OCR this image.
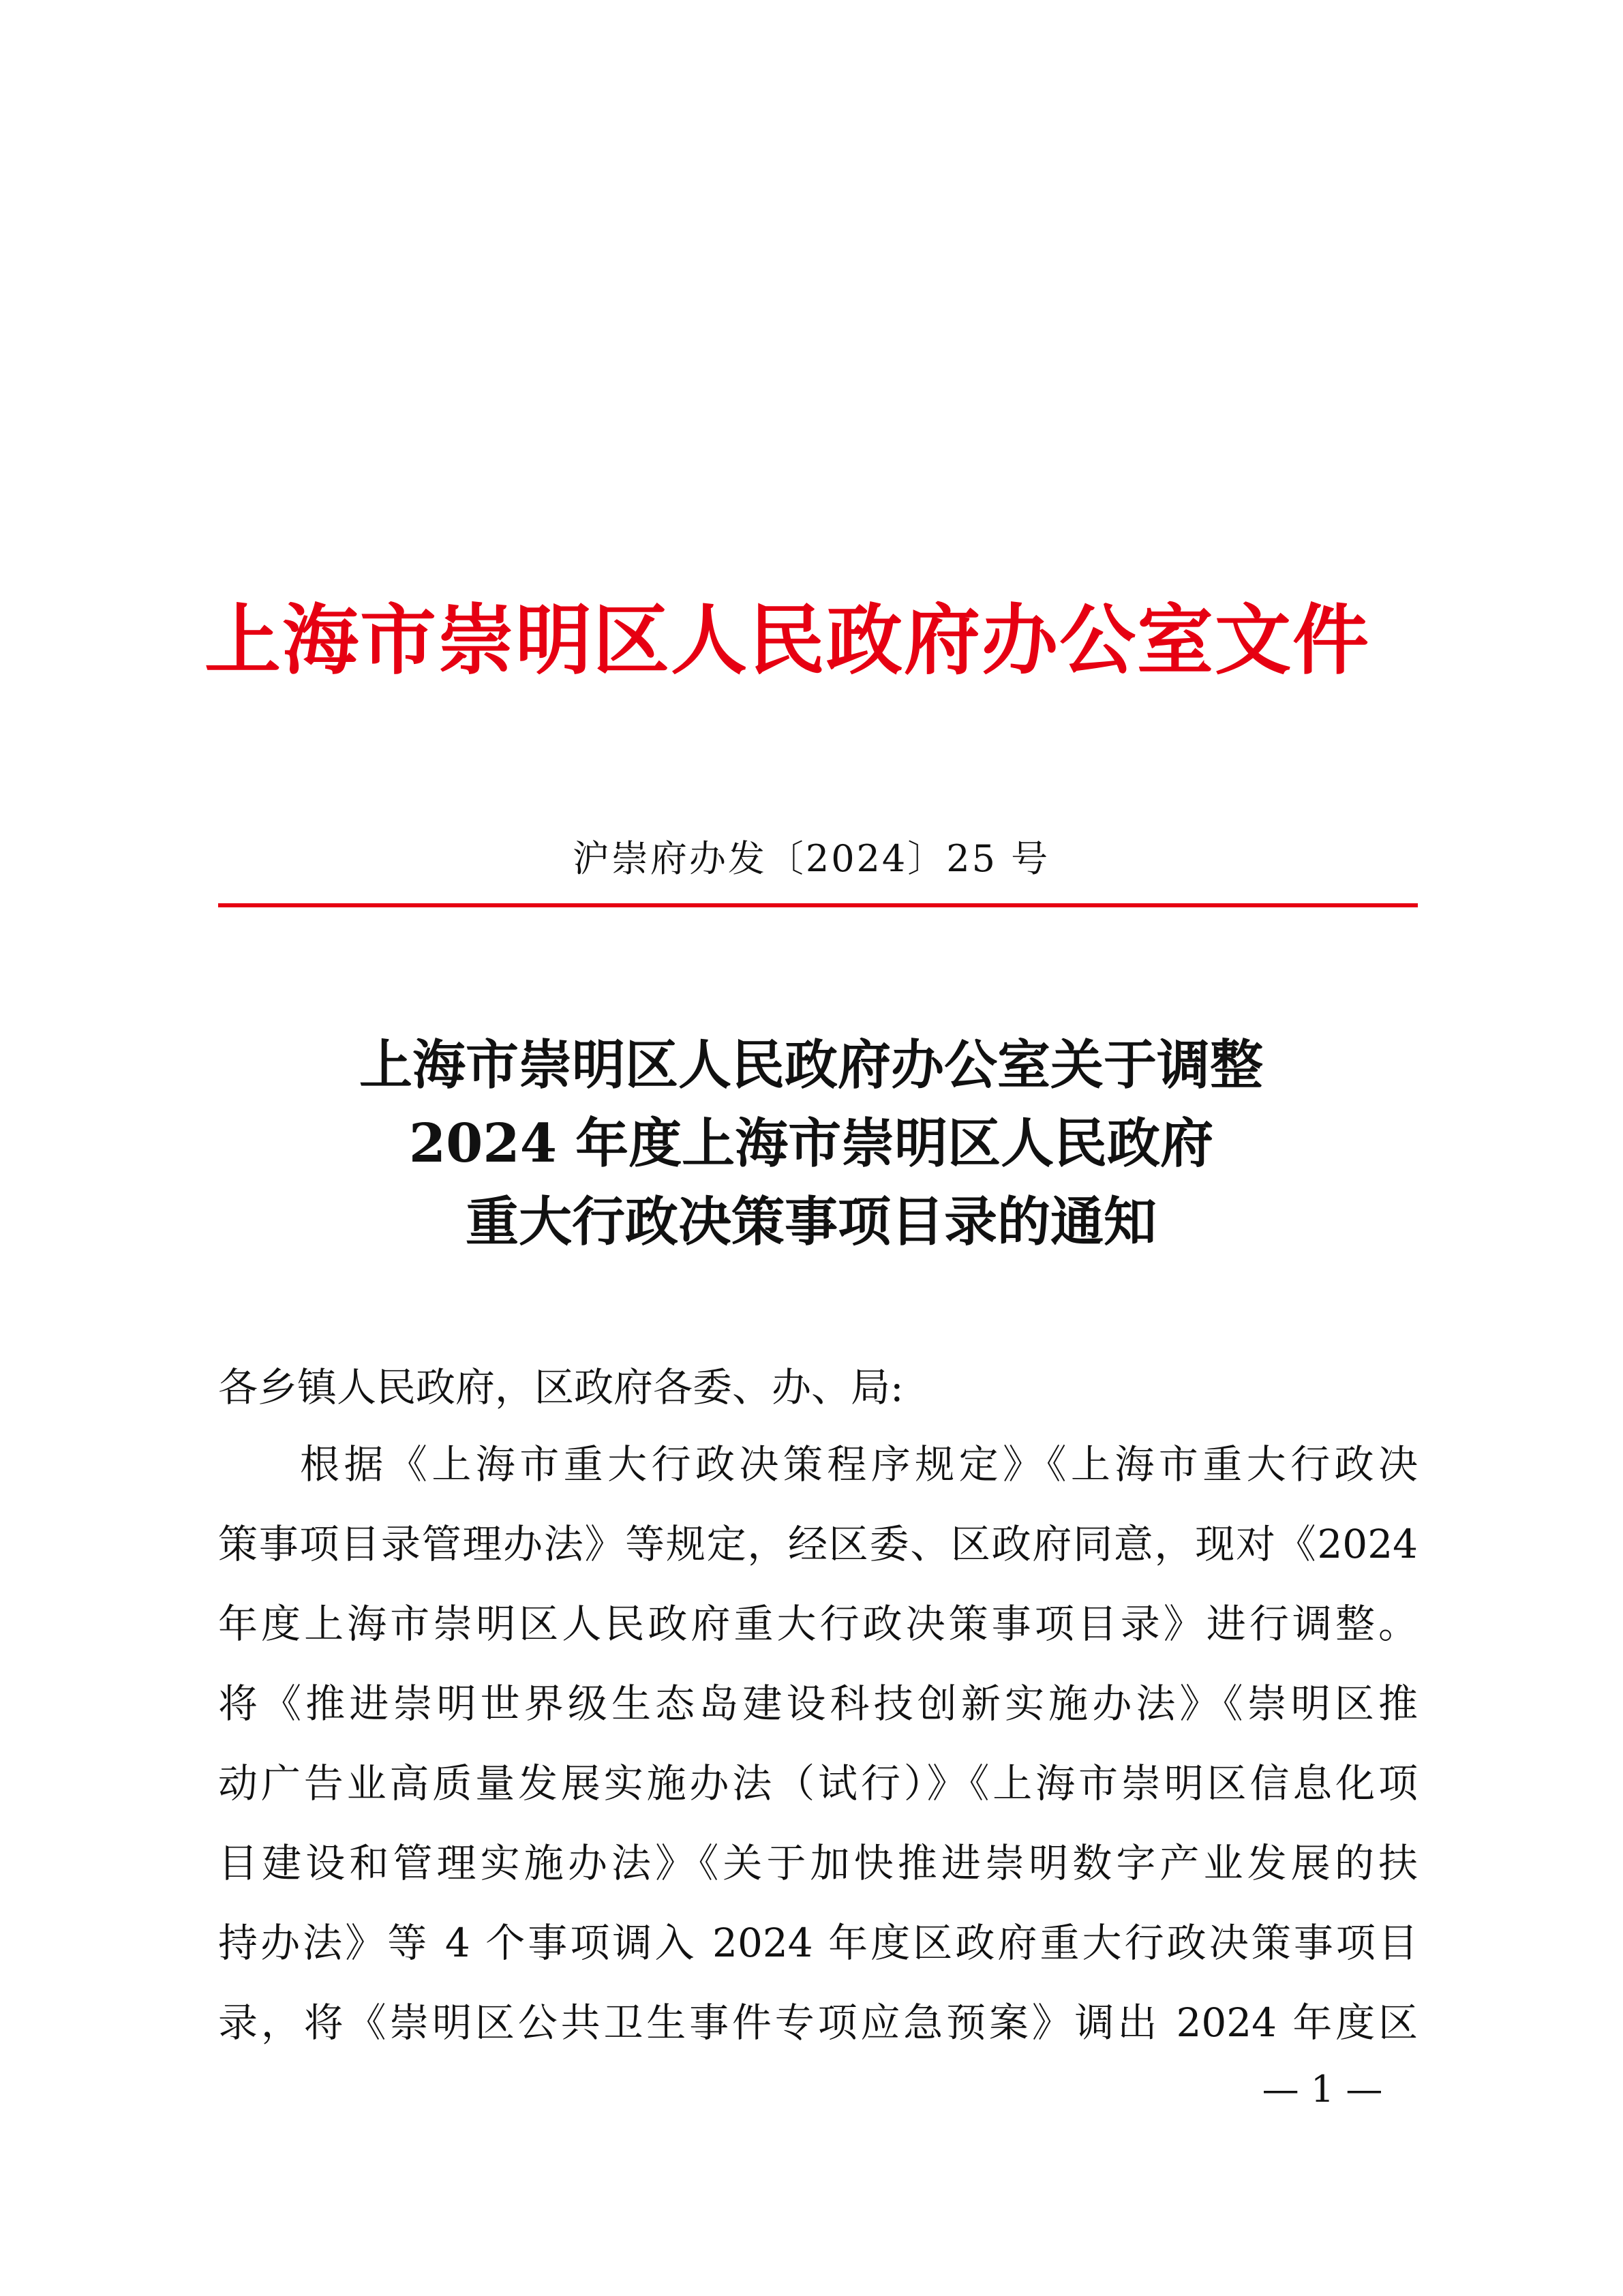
上海市崇明区人民政府办公室文件
沪崇府办发〔2024〕25 号
上海市崇明区人民政府办公室关于调整
2024 年度上海市崇明区人民政府
重大行政决策事项目录的通知
各乡镇人民政府，区政府各委、办、局:
根据《上海市重大行政决策程序规定》《上海市重大行政决
策事项目录管理办法》等规定，经区委、区政府同意，现对《2024
年度上海市崇明区人民政府重大行政决策事项目录》进行调整。
将《推进崇明世界级生态岛建设科技创新实施办法》《崇明区推
动广告业高质量发展实施办法（试行）》《上海市崇明区信息化项
目建设和管理实施办法》《关于加快推进崇明数字产业发展的扶
持办法》等 4 个事项调入 2024 年度区政府重大行政决策事项目
录，将《崇明区公共卫生事件专项应急预案》调出 2024 年度区
— 1 —
